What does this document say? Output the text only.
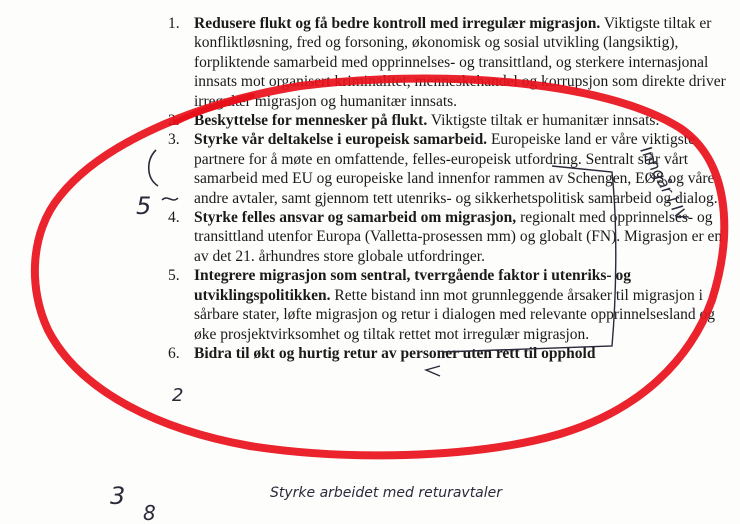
1. Redusere flukt og få bedre kontroll med irregulær migrasjon. Viktigste tiltak er konfliktløsning, fred og forsoning, økonomisk og sosial utvikling (langsiktig), forpliktende samarbeid med opprinnelses- og transittland, og sterkere internasjonal innsats mot organisert kriminalitet, menneskehandel og korrupsjon som direkte driver irregulær migrasjon og humanitær innsats.

2. Beskyttelse for mennesker på flukt. Viktigste tiltak er humanitær innsats.

3. Styrke vår deltakelse i europeisk samarbeid. Europeiske land er våre viktigste partnere for å møte en omfattende, felles-europeisk utfordring. Sentralt står vårt samarbeid med EU og europeiske land innenfor rammen av Schengen, EØS og våre andre avtaler, samt gjennom tett utenriks- og sikkerhetspolitisk samarbeid og dialog.

4. Styrke felles ansvar og samarbeid om migrasjon, regionalt med opprinnelses- og transittland utenfor Europa (Valletta-prosessen mm) og globalt (FN). Migrasjon er en av det 21. århundres store globale utfordringer.

5. Integrere migrasjon som sentral, tverrgående faktor i utenriks- og utviklingspolitikken. Rette bistand inn mot grunnleggende årsaker til migrasjon i sårbare stater, løfte migrasjon og retur i dialogen med relevante opprinnelsesland og øke prosjektvirksomhet og tiltak rettet mot irregulær migrasjon.

6. Bidra til økt og hurtig retur av personer uten rett til opphold

5
3
2
8
Inngår i IV
Styrke arbeidet med returavtaler
